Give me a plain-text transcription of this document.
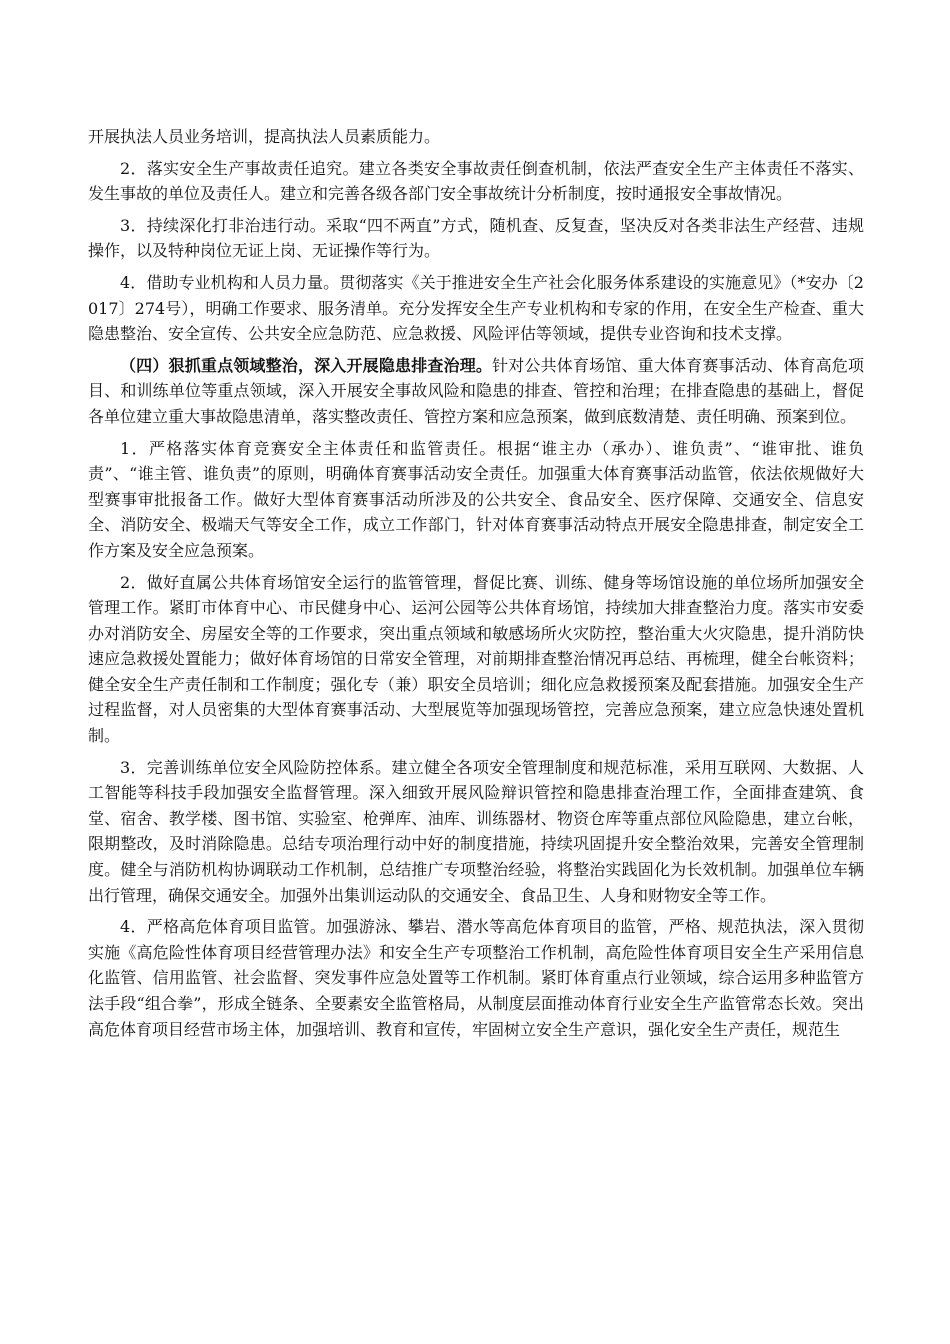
开展执法人员业务培训，提高执法人员素质能力。

2．落实安全生产事故责任追究。建立各类安全事故责任倒查机制，依法严查安全生产主体责任不落实、发生事故的单位及责任人。建立和完善各级各部门安全事故统计分析制度，按时通报安全事故情况。

3．持续深化打非治违行动。采取“四不两直”方式，随机查、反复查，坚决反对各类非法生产经营、违规操作，以及特种岗位无证上岗、无证操作等行为。

4．借助专业机构和人员力量。贯彻落实《关于推进安全生产社会化服务体系建设的实施意见》（*安办〔2017〕274号），明确工作要求、服务清单。充分发挥安全生产专业机构和专家的作用，在安全生产检查、重大隐患整治、安全宣传、公共安全应急防范、应急救援、风险评估等领域，提供专业咨询和技术支撑。

（四）狠抓重点领域整治，深入开展隐患排查治理。针对公共体育场馆、重大体育赛事活动、体育高危项目、和训练单位等重点领域，深入开展安全事故风险和隐患的排查、管控和治理；在排查隐患的基础上，督促各单位建立重大事故隐患清单，落实整改责任、管控方案和应急预案，做到底数清楚、责任明确、预案到位。

1．严格落实体育竞赛安全主体责任和监管责任。根据“谁主办（承办）、谁负责”、“谁审批、谁负责”、“谁主管、谁负责”的原则，明确体育赛事活动安全责任。加强重大体育赛事活动监管，依法依规做好大型赛事审批报备工作。做好大型体育赛事活动所涉及的公共安全、食品安全、医疗保障、交通安全、信息安全、消防安全、极端天气等安全工作，成立工作部门，针对体育赛事活动特点开展安全隐患排查，制定安全工作方案及安全应急预案。

2．做好直属公共体育场馆安全运行的监管管理，督促比赛、训练、健身等场馆设施的单位场所加强安全管理工作。紧盯市体育中心、市民健身中心、运河公园等公共体育场馆，持续加大排查整治力度。落实市安委办对消防安全、房屋安全等的工作要求，突出重点领域和敏感场所火灾防控，整治重大火灾隐患，提升消防快速应急救援处置能力；做好体育场馆的日常安全管理，对前期排查整治情况再总结、再梳理，健全台帐资料；健全安全生产责任制和工作制度；强化专（兼）职安全员培训；细化应急救援预案及配套措施。加强安全生产过程监督，对人员密集的大型体育赛事活动、大型展览等加强现场管控，完善应急预案，建立应急快速处置机制。

3．完善训练单位安全风险防控体系。建立健全各项安全管理制度和规范标准，采用互联网、大数据、人工智能等科技手段加强安全监督管理。深入细致开展风险辩识管控和隐患排查治理工作，全面排查建筑、食堂、宿舍、教学楼、图书馆、实验室、枪弹库、油库、训练器材、物资仓库等重点部位风险隐患，建立台帐，限期整改，及时消除隐患。总结专项治理行动中好的制度措施，持续巩固提升安全整治效果，完善安全管理制度。健全与消防机构协调联动工作机制，总结推广专项整治经验，将整治实践固化为长效机制。加强单位车辆出行管理，确保交通安全。加强外出集训运动队的交通安全、食品卫生、人身和财物安全等工作。

4．严格高危体育项目监管。加强游泳、攀岩、潜水等高危体育项目的监管，严格、规范执法，深入贯彻实施《高危险性体育项目经营管理办法》和安全生产专项整治工作机制，高危险性体育项目安全生产采用信息化监管、信用监管、社会监督、突发事件应急处置等工作机制。紧盯体育重点行业领域，综合运用多种监管方法手段“组合拳”，形成全链条、全要素安全监管格局，从制度层面推动体育行业安全生产监管常态长效。突出高危体育项目经营市场主体，加强培训、教育和宣传，牢固树立安全生产意识，强化安全生产责任，规范生
